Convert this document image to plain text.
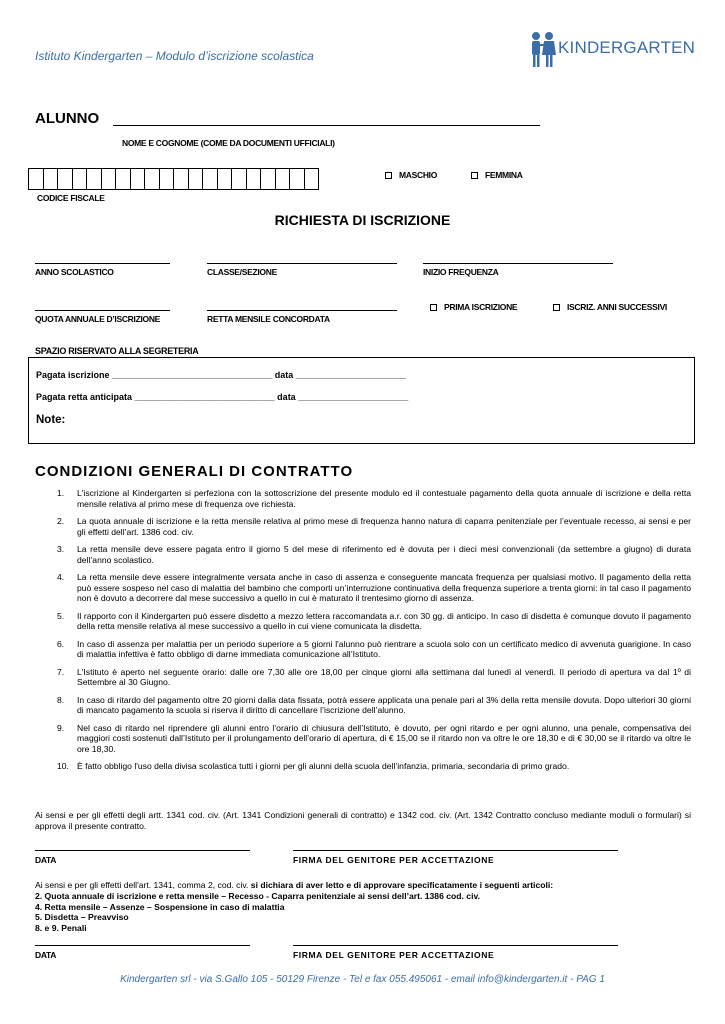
Istituto Kindergarten – Modulo d’iscrizione scolastica	KINDERGARTEN
ALUNNO
NOME E COGNOME (COME DA DOCUMENTI UFFICIALI)
CODICE FISCALE
MASCHIO	FEMMINA
RICHIESTA DI ISCRIZIONE
ANNO SCOLASTICO	CLASSE/SEZIONE	INIZIO FREQUENZA
QUOTA ANNUALE D’ISCRIZIONE	RETTA MENSILE CONCORDATA
PRIMA ISCRIZIONE	ISCRIZ. ANNI SUCCESSIVI
SPAZIO RISERVATO ALLA SEGRETERIA
Pagata iscrizione ________________________________ data ______________________
Pagata retta anticipata ____________________________ data ______________________
Note:
CONDIZIONI GENERALI DI CONTRATTO
1. L'iscrizione al Kindergarten si perfeziona con la sottoscrizione del presente modulo ed il contestuale pagamento della quota annuale di iscrizione e della retta mensile relativa al primo mese di frequenza ove richiesta.
2. La quota annuale di iscrizione e la retta mensile relativa al primo mese di frequenza hanno natura di caparra penitenziale per l’eventuale recesso, ai sensi e per gli effetti dell’art. 1386 cod. civ.
3. La retta mensile deve essere pagata entro il giorno 5 del mese di riferimento ed è dovuta per i dieci mesi convenzionali (da settembre a giugno) di durata dell’anno scolastico.
4. La retta mensile deve essere integralmente versata anche in caso di assenza e conseguente mancata frequenza per qualsiasi motivo. Il pagamento della retta può essere sospeso nel caso di malattia del bambino che comporti un’interruzione continuativa della frequenza superiore a trenta giorni: in tal caso il pagamento non è dovuto a decorrere dal mese successivo a quello in cui è maturato il trentesimo giorno di assenza.
5. Il rapporto con il Kindergarten può essere disdetto a mezzo lettera raccomandata a.r. con 30 gg. di anticipo. In caso di disdetta è comunque dovuto il pagamento della retta mensile relativa al mese successivo a quello in cui viene comunicata la disdetta.
6. In caso di assenza per malattia per un periodo superiore a 5 giorni l'alunno può rientrare a scuola solo con un certificato medico di avvenuta guarigione. In caso di malattia infettiva è fatto obbligo di darne immediata comunicazione all’Istituto.
7. L'Istituto è aperto nel seguente orario: dalle ore 7,30 alle ore 18,00 per cinque giorni alla settimana dal lunedì al venerdì. Il periodo di apertura va dal 1º di Settembre al 30 Giugno.
8. In caso di ritardo del pagamento oltre 20 giorni dalla data fissata, potrà essere applicata una penale pari al 3% della retta mensile dovuta. Dopo ulteriori 30 giorni di mancato pagamento la scuola si riserva il diritto di cancellare l’iscrizione dell’alunno.
9. Nel caso di ritardo nel riprendere gli alunni entro l’orario di chiusura dell’Istituto, è dovuto, per ogni ritardo e per ogni alunno, una penale, compensativa dei maggiori costi sostenuti dall’Istituto per il prolungamento dell’orario di apertura, di € 15,00 se il ritardo non va oltre le ore 18,30 e di € 30,00 se il ritardo va oltre le ore 18,30.
10. È fatto obbligo l'uso della divisa scolastica tutti i giorni per gli alunni della scuola dell’infanzia, primaria, secondaria di primo grado.
Ai sensi e per gli effetti degli artt. 1341 cod. civ. (Art. 1341 Condizioni generali di contratto) e 1342 cod. civ. (Art. 1342 Contratto concluso mediante moduli o formulari) si approva il presente contratto.
DATA	FIRMA DEL GENITORE PER ACCETTAZIONE
Ai sensi e per gli effetti dell'art. 1341, comma 2, cod. civ. si dichiara di aver letto e di approvare specificatamente i seguenti articoli:
2. Quota annuale di iscrizione e retta mensile – Recesso - Caparra penitenziale ai sensi dell’art. 1386 cod. civ.
4. Retta mensile – Assenze – Sospensione in caso di malattia
5. Disdetta – Preavviso
8. e 9. Penali
DATA	FIRMA DEL GENITORE PER ACCETTAZIONE
Kindergarten srl - via S.Gallo 105 - 50129 Firenze - Tel e fax 055.495061 - email info@kindergarten.it - PAG 1
